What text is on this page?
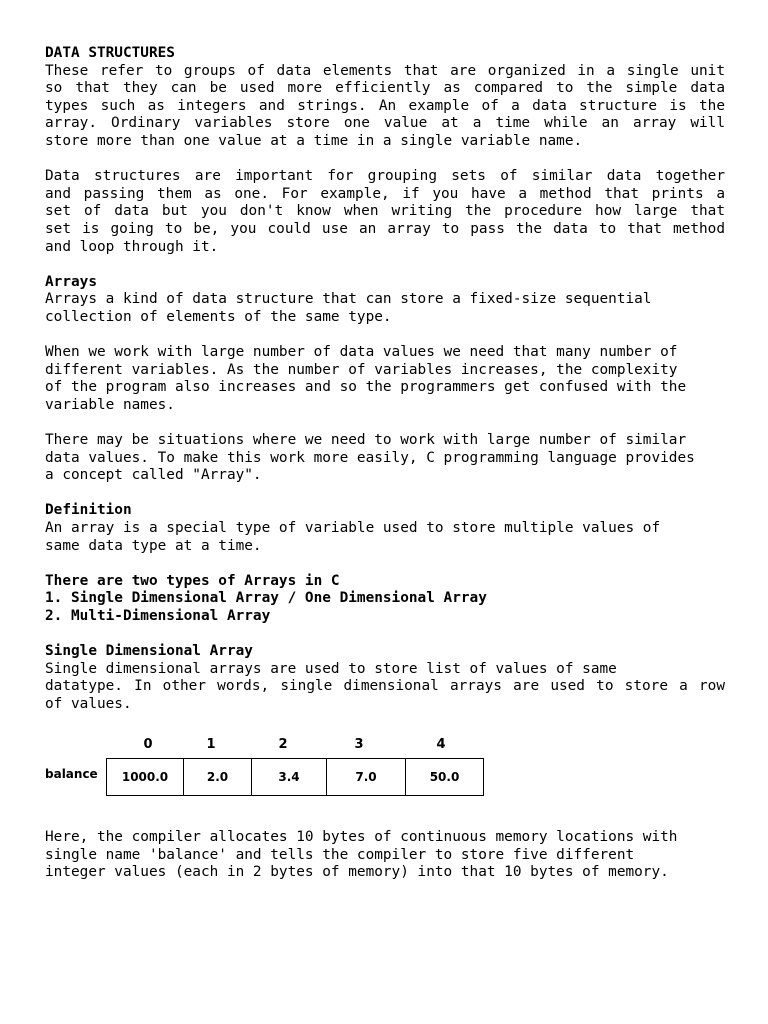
DATA STRUCTURES

These refer to groups of data elements that are organized in a single unit

so that they can be used more efficiently as compared to the simple data

types such as integers and strings. An example of a data structure is the

array. Ordinary variables store one value at a time while an array will

store more than one value at a time in a single variable name.

Data structures are important for grouping sets of similar data together

and passing them as one. For example, if you have a method that prints a

set of data but you don't know when writing the procedure how large that

set is going to be, you could use an array to pass the data to that method

and loop through it.

Arrays

Arrays a kind of data structure that can store a fixed-size sequential

collection of elements of the same type.

When we work with large number of data values we need that many number of

different variables. As the number of variables increases, the complexity

of the program also increases and so the programmers get confused with the

variable names.

There may be situations where we need to work with large number of similar

data values. To make this work more easily, C programming language provides

a concept called "Array".

Definition

An array is a special type of variable used to store multiple values of

same data type at a time.

There are two types of Arrays in C

1. Single Dimensional Array / One Dimensional Array

2. Multi-Dimensional Array

Single Dimensional Array

Single dimensional arrays are used to store list of values of same

datatype. In other words, single dimensional arrays are used to store a row

of values.

0	1	2	3	4
balance	1000.0	2.0	3.4	7.0	50.0

Here, the compiler allocates 10 bytes of continuous memory locations with

single name 'balance' and tells the compiler to store five different

integer values (each in 2 bytes of memory) into that 10 bytes of memory.
